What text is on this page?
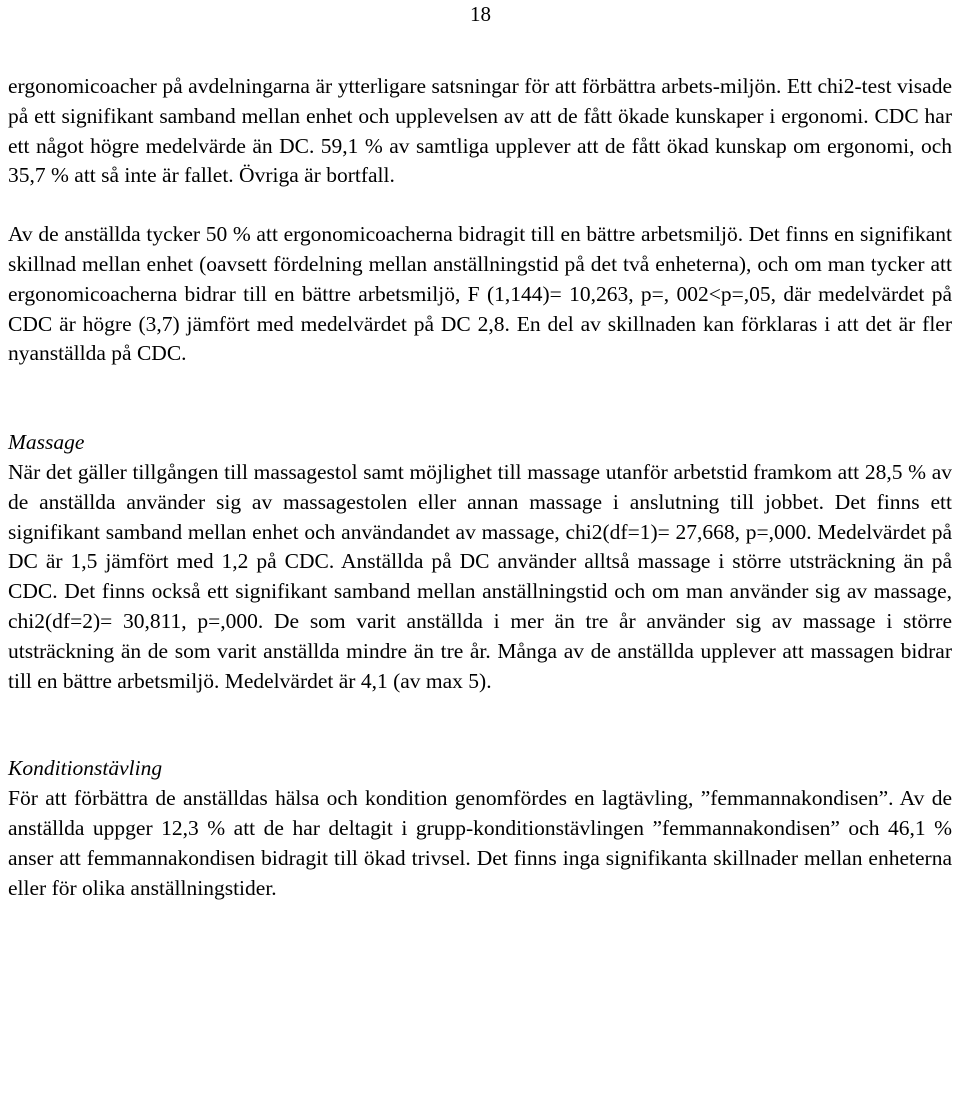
18

ergonomicoacher på avdelningarna är ytterligare satsningar för att förbättra arbets-miljön. Ett chi2-test visade på ett signifikant samband mellan enhet och upplevelsen av att de fått ökade kunskaper i ergonomi. CDC har ett något högre medelvärde än DC. 59,1 % av samtliga upplever att de fått ökad kunskap om ergonomi, och 35,7 % att så inte är fallet. Övriga är bortfall.

Av de anställda tycker 50 % att ergonomicoacherna bidragit till en bättre arbetsmiljö. Det finns en signifikant skillnad mellan enhet (oavsett fördelning mellan anställningstid på det två enheterna), och om man tycker att ergonomicoacherna bidrar till en bättre arbetsmiljö, F (1,144)= 10,263, p=, 002<p=,05, där medelvärdet på CDC är högre (3,7) jämfört med medelvärdet på DC 2,8. En del av skillnaden kan förklaras i att det är fler nyanställda på CDC.

Massage

När det gäller tillgången till massagestol samt möjlighet till massage utanför arbetstid framkom att 28,5 % av de anställda använder sig av massagestolen eller annan massage i anslutning till jobbet. Det finns ett signifikant samband mellan enhet och användandet av massage, chi2(df=1)= 27,668, p=,000. Medelvärdet på DC är 1,5 jämfört med 1,2 på CDC. Anställda på DC använder alltså massage i större utsträckning än på CDC. Det finns också ett signifikant samband mellan anställningstid och om man använder sig av massage, chi2(df=2)= 30,811, p=,000. De som varit anställda i mer än tre år använder sig av massage i större utsträckning än de som varit anställda mindre än tre år. Många av de anställda upplever att massagen bidrar till en bättre arbetsmiljö. Medelvärdet är 4,1 (av max 5).

Konditionstävling

För att förbättra de anställdas hälsa och kondition genomfördes en lagtävling, ”femmannakondisen”. Av de anställda uppger 12,3 % att de har deltagit i grupp-konditionstävlingen ”femmannakondisen” och 46,1 % anser att femmannakondisen bidragit till ökad trivsel. Det finns inga signifikanta skillnader mellan enheterna eller för olika anställningstider.
